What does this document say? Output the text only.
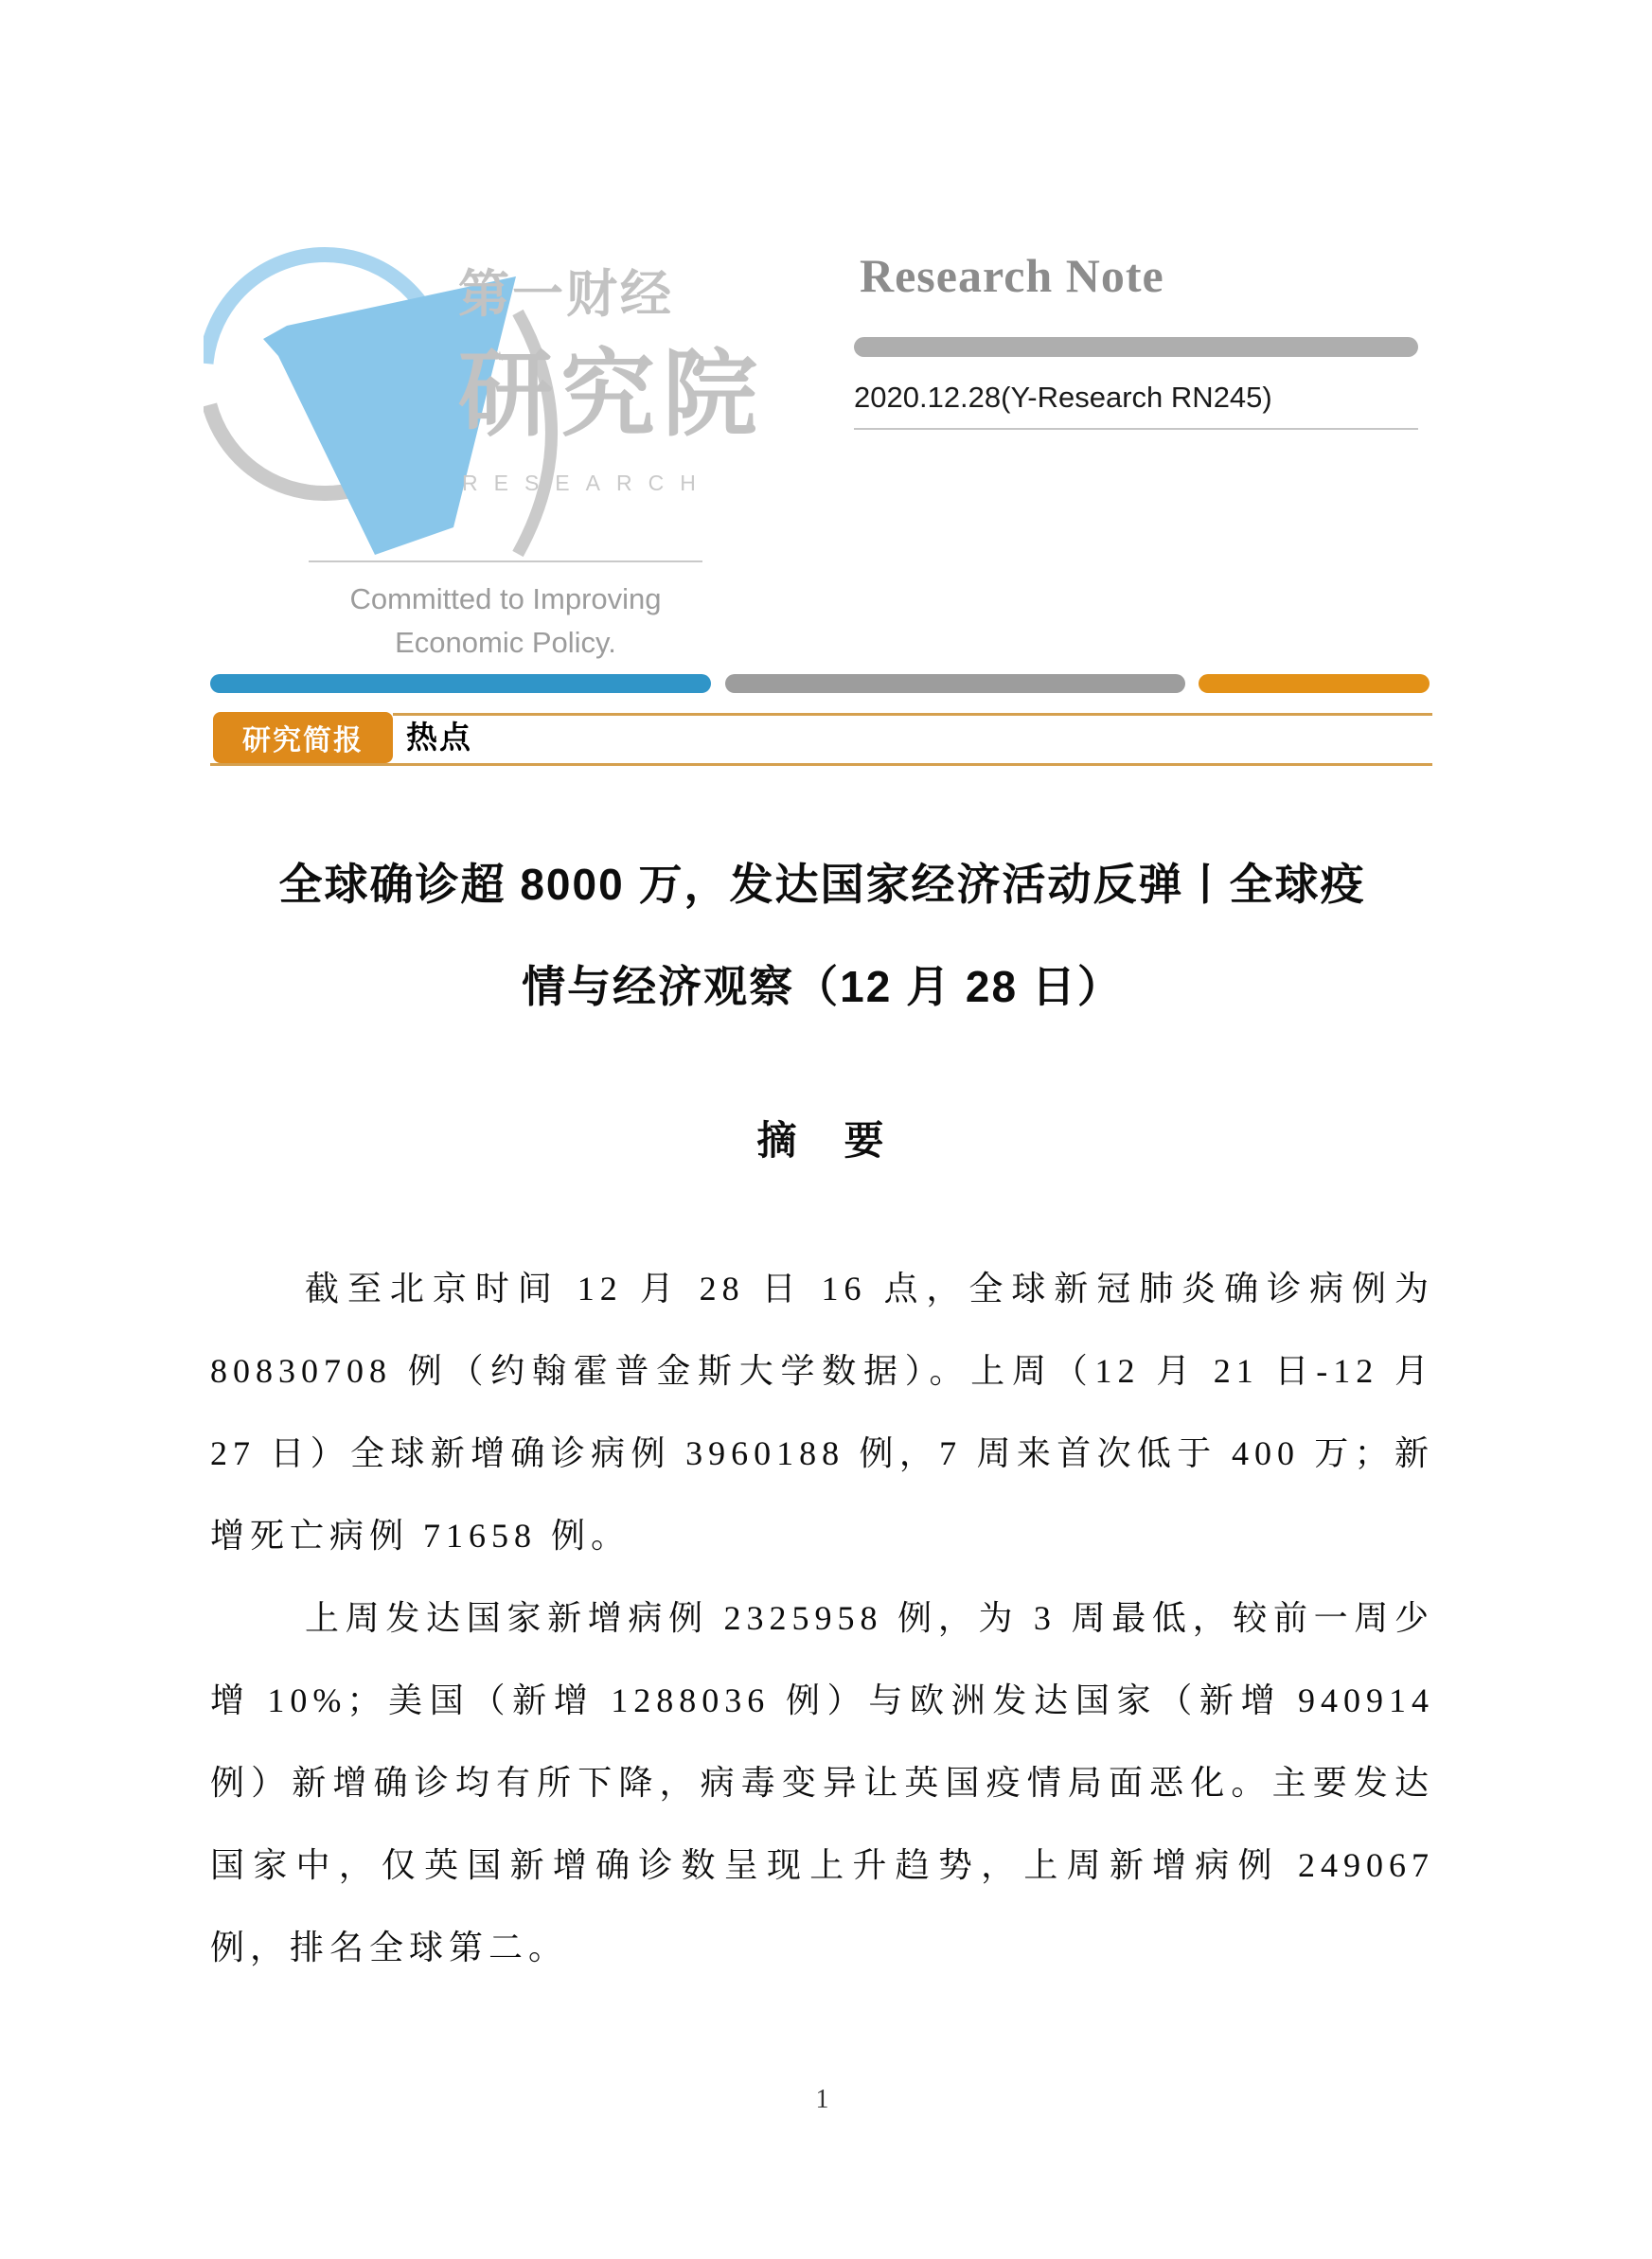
第一财经
研究院
RESEARCH
Committed to Improving
Economic Policy.
Research Note
2020.12.28(Y-Research RN245)
研究简报 热点
全球确诊超 8000 万，发达国家经济活动反弹丨全球疫
情与经济观察（12 月 28 日）
摘　要

截至北京时间 12 月 28 日 16 点，全球新冠肺炎确诊病例为 80830708 例（约翰霍普金斯大学数据）。上周（12 月 21 日-12 月 27 日）全球新增确诊病例 3960188 例，7 周来首次低于 400 万；新增死亡病例 71658 例。

上周发达国家新增病例 2325958 例，为 3 周最低，较前一周少增 10%；美国（新增 1288036 例）与欧洲发达国家（新增 940914 例）新增确诊均有所下降，病毒变异让英国疫情局面恶化。主要发达国家中，仅英国新增确诊数呈现上升趋势，上周新增病例 249067 例，排名全球第二。

1
